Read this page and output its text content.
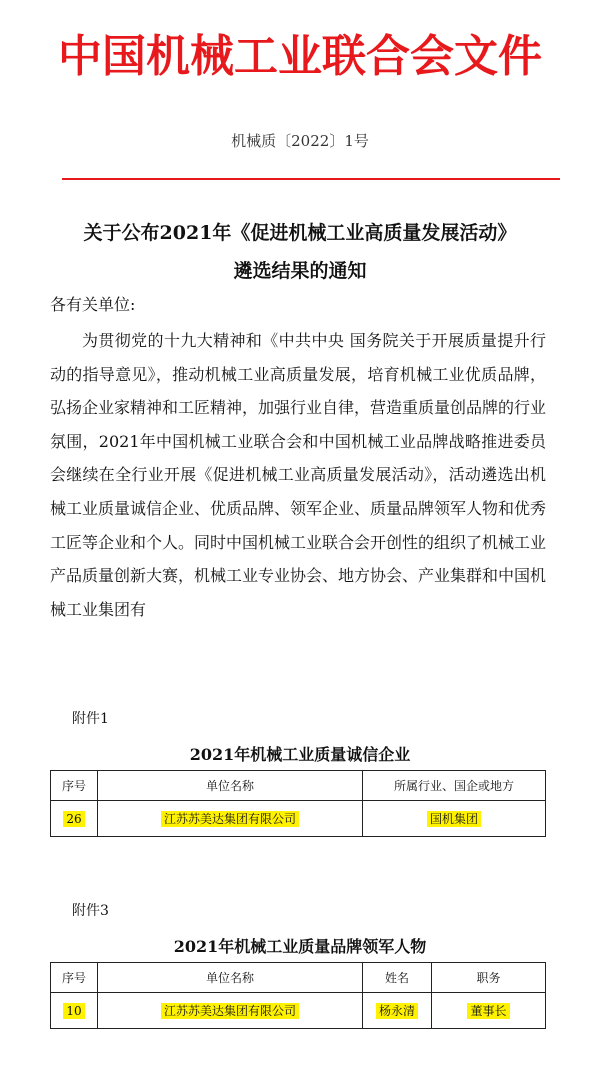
中国机械工业联合会文件
机械质〔2022〕1号
关于公布2021年《促进机械工业高质量发展活动》
遴选结果的通知
各有关单位:
为贯彻党的十九大精神和《中共中央 国务院关于开展质量提升行动的指导意见》，推动机械工业高质量发展，培育机械工业优质品牌，弘扬企业家精神和工匠精神，加强行业自律，营造重质量创品牌的行业氛围，2021年中国机械工业联合会和中国机械工业品牌战略推进委员会继续在全行业开展《促进机械工业高质量发展活动》，活动遴选出机械工业质量诚信企业、优质品牌、领军企业、质量品牌领军人物和优秀工匠等企业和个人。同时中国机械工业联合会开创性的组织了机械工业产品质量创新大赛，机械工业专业协会、地方协会、产业集群和中国机械工业集团有
附件1
2021年机械工业质量诚信企业
序号	单位名称	所属行业、国企或地方
26	江苏苏美达集团有限公司	国机集团
附件3
2021年机械工业质量品牌领军人物
序号	单位名称	姓名	职务
10	江苏苏美达集团有限公司	杨永清	董事长
